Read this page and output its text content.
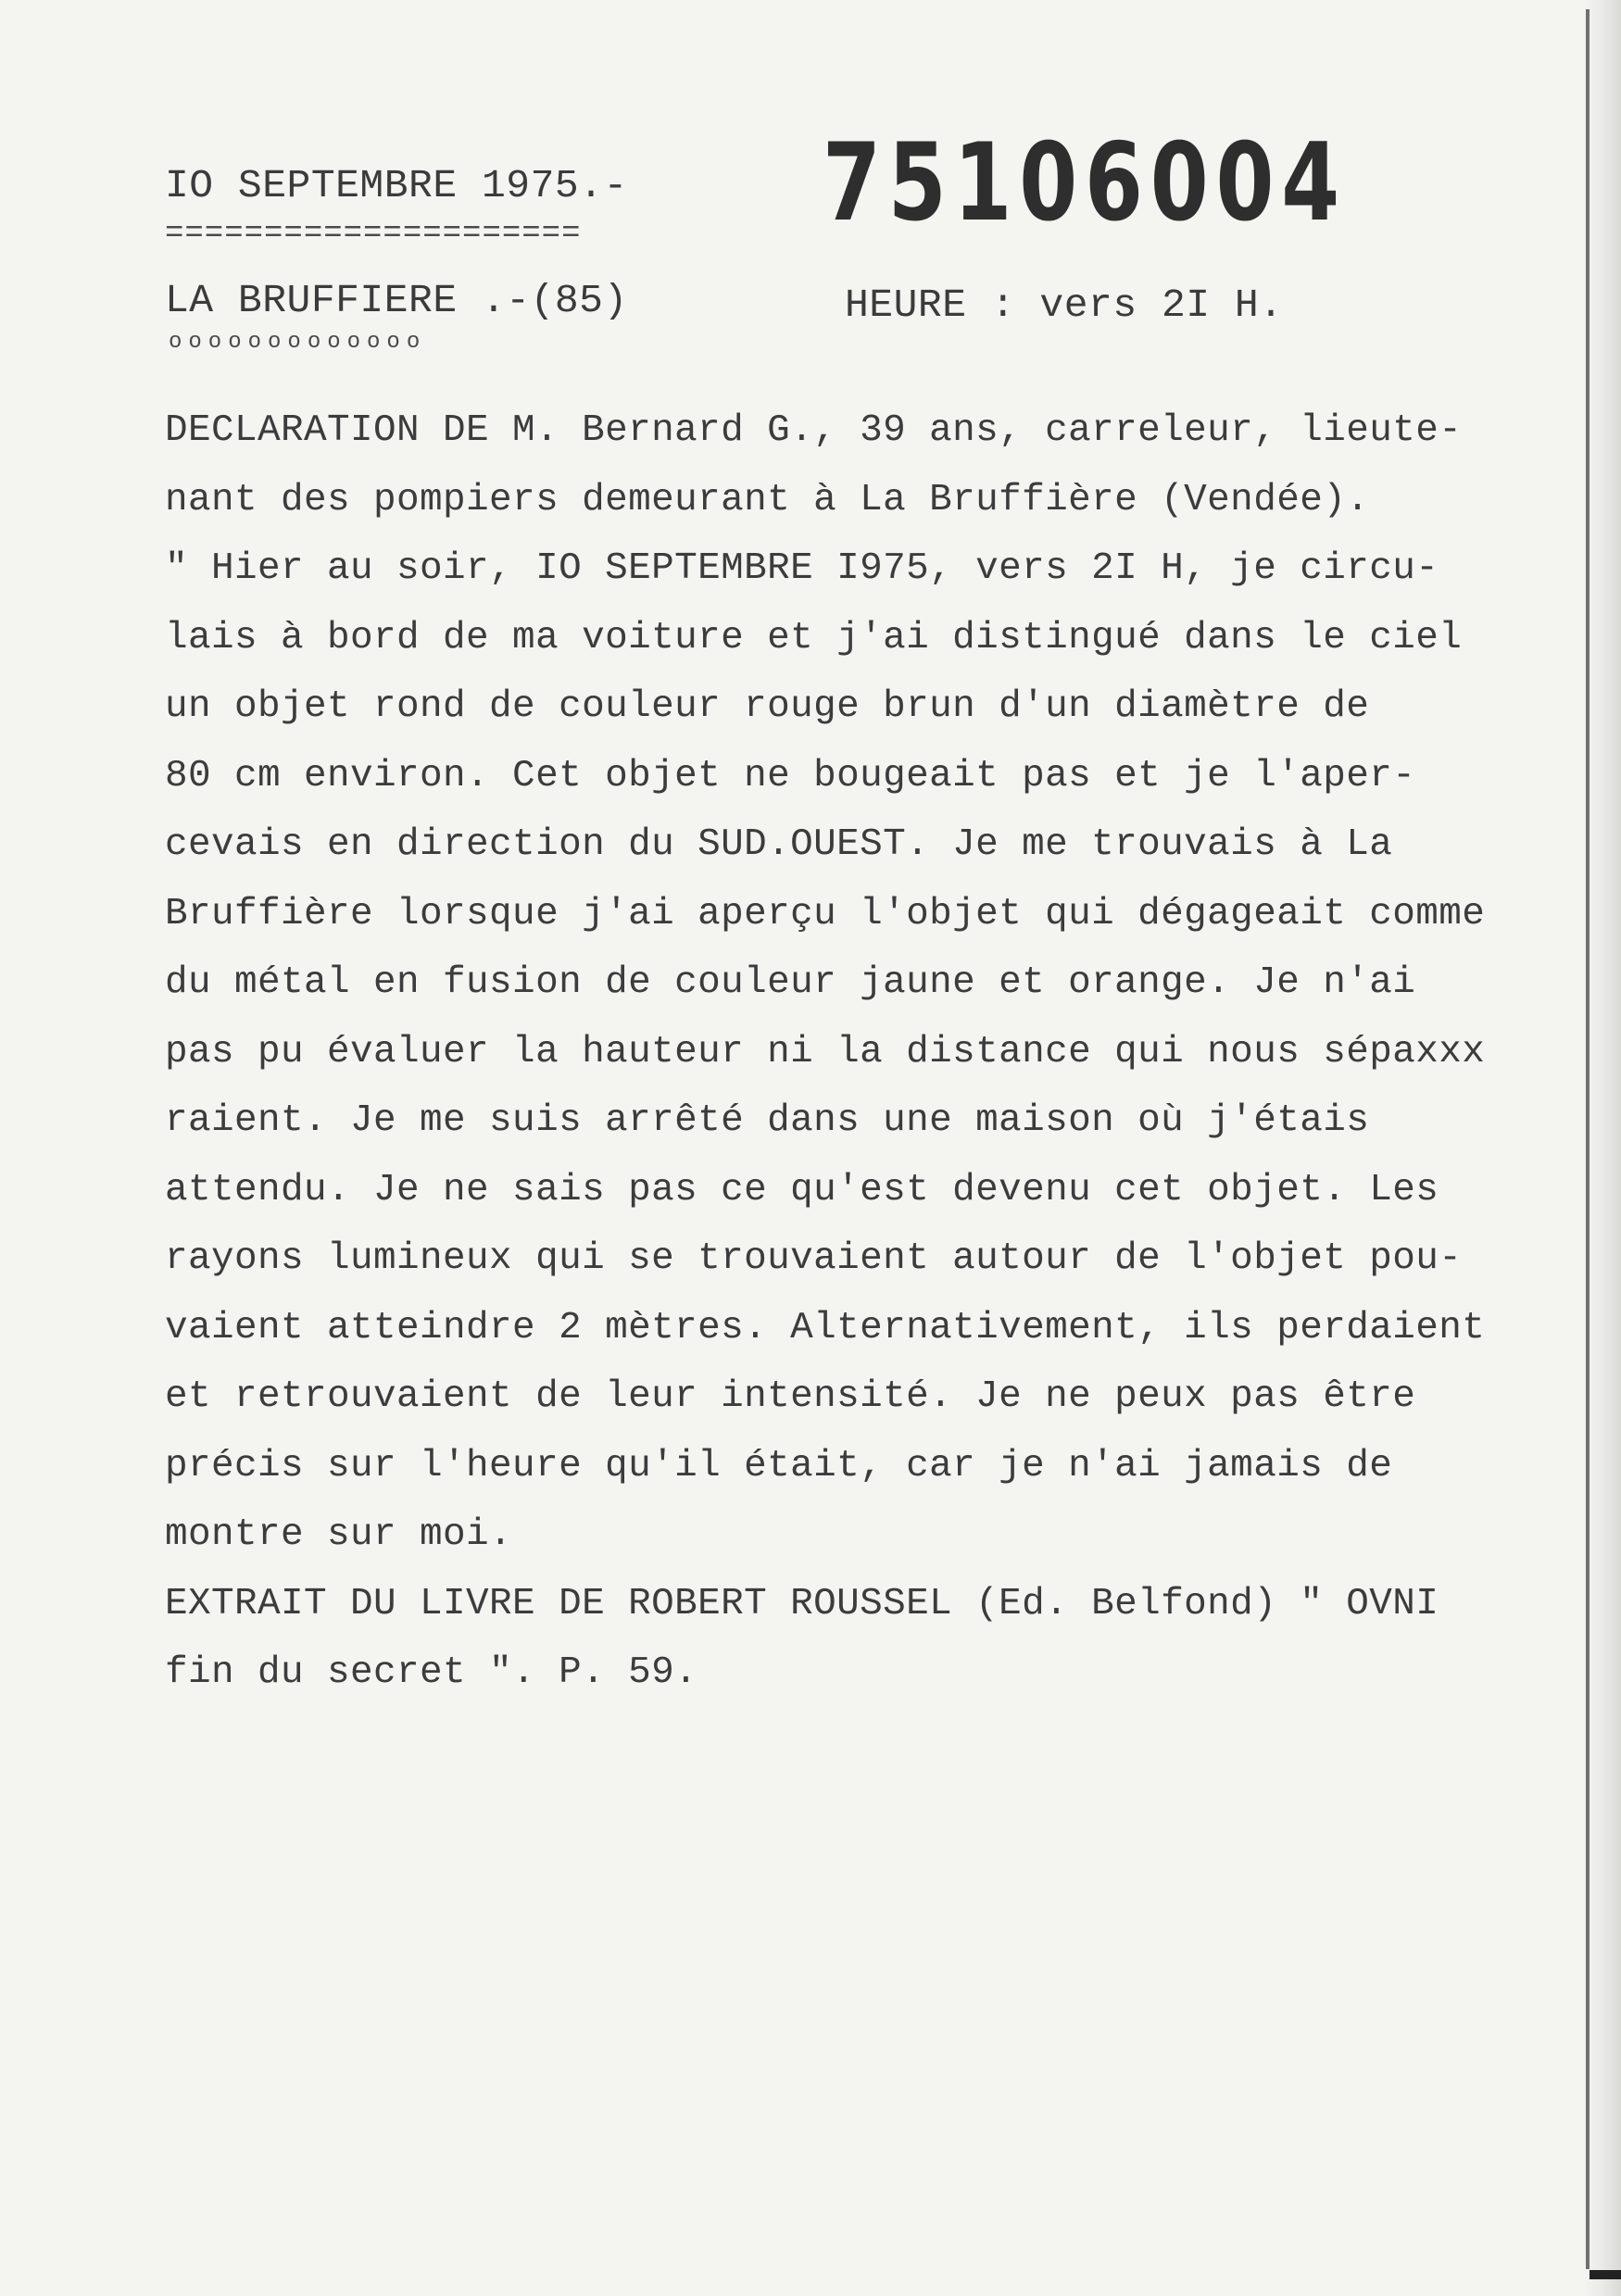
IO SEPTEMBRE 1975.-
===================== 75106004
LA BRUFFIERE .-(85)
ooooooooooooo
HEURE : vers 2I H.
DECLARATION DE M. Bernard G., 39 ans, carreleur, lieute-
nant des pompiers demeurant à La Bruffière (Vendée).
" Hier au soir, IO SEPTEMBRE I975, vers 2I H, je circu-
lais à bord de ma voiture et j'ai distingué dans le ciel
un objet rond de couleur rouge brun d'un diamètre de
80 cm environ. Cet objet ne bougeait pas et je l'aper-
cevais en direction du SUD.OUEST. Je me trouvais à La
Bruffière lorsque j'ai aperçu l'objet qui dégageait comme
du métal en fusion de couleur jaune et orange. Je n'ai
pas pu évaluer la hauteur ni la distance qui nous sépaxxx
raient. Je me suis arrêté dans une maison où j'étais
attendu. Je ne sais pas ce qu'est devenu cet objet. Les
rayons lumineux qui se trouvaient autour de l'objet pou-
vaient atteindre 2 mètres. Alternativement, ils perdaient
et retrouvaient de leur intensité. Je ne peux pas être
précis sur l'heure qu'il était, car je n'ai jamais de
montre sur moi.
EXTRAIT DU LIVRE DE ROBERT ROUSSEL (Ed. Belfond) " OVNI
fin du secret ". P. 59.
